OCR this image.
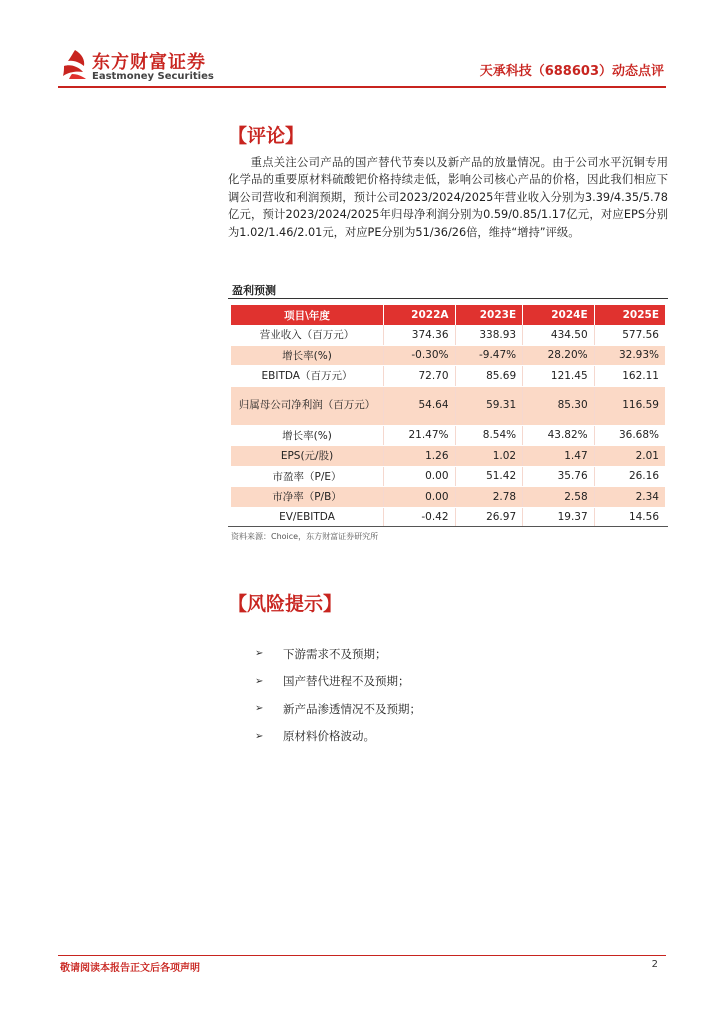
东方财富证券
Eastmoney Securities	天承科技（688603）动态点评
【评论】

重点关注公司产品的国产替代节奏以及新产品的放量情况。由于公司水平沉铜专用化学品的重要原材料硫酸钯价格持续走低，影响公司核心产品的价格，因此我们相应下调公司营收和利润预期，预计公司2023/2024/2025年营业收入分别为3.39/4.35/5.78亿元，预计2023/2024/2025年归母净利润分别为0.59/0.85/1.17亿元，对应EPS分别为1.02/1.46/2.01元，对应PE分别为51/36/26倍，维持“增持”评级。

盈利预测
项目\年度	2022A	2023E	2024E	2025E
营业收入（百万元）	374.36	338.93	434.50	577.56
增长率(%)	-0.30%	-9.47%	28.20%	32.93%
EBITDA（百万元）	72.70	85.69	121.45	162.11
归属母公司净利润（百万元）	54.64	59.31	85.30	116.59
增长率(%)	21.47%	8.54%	43.82%	36.68%
EPS(元/股)	1.26	1.02	1.47	2.01
市盈率（P/E）	0.00	51.42	35.76	26.16
市净率（P/B）	0.00	2.78	2.58	2.34
EV/EBITDA	-0.42	26.97	19.37	14.56
资料来源：Choice，东方财富证券研究所
【风险提示】
➢	下游需求不及预期；
➢	国产替代进程不及预期；
➢	新产品渗透情况不及预期；
➢	原材料价格波动。
敬请阅读本报告正文后各项声明	2
